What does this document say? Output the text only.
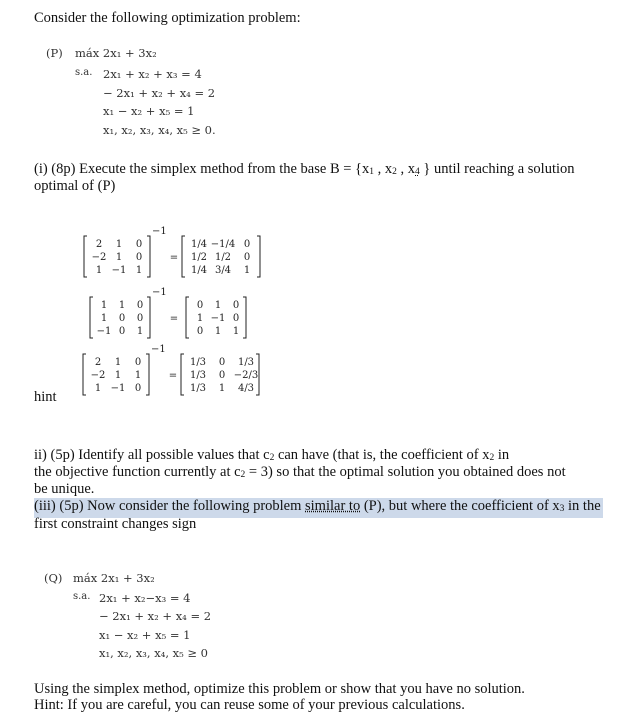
Consider the following optimization problem:
(P) máx 2x₁ + 3x₂
s.a. 2x₁ + x₂ + x₃ = 4
− 2x₁ + x₂ + x₄ = 2
x₁ − x₂ + x₅ = 1
x₁, x₂, x₃, x₄, x₅ ≥ 0.
(i) (8p) Execute the simplex method from the base B = {x1 , x2 , x4 } until reaching a solution
optimal of (P)
2 1 0
−2 1 0
1 −1 1
−1
=
1/4 −1/4 0
1/2 1/2 0
1/4 3/4 1
1 1 0
1 0 0
−1 0 1
−1
=
0 1 0
1 −1 0
0 1 1
2 1 0
−2 1 1
1 −1 0
−1
=
1/3 0 1/3
1/3 0 −2/3
1/3 1 4/3
hint
ii) (5p) Identify all possible values that c2 can have (that is, the coefficient of x2 in
the objective function currently at c2 = 3) so that the optimal solution you obtained does not
be unique.
(iii) (5p) Now consider the following problem similar to (P), but where the coefficient of x3 in the
first constraint changes sign
(Q) máx 2x₁ + 3x₂
s.a. 2x₁ + x₂−x₃ = 4
− 2x₁ + x₂ + x₄ = 2
x₁ − x₂ + x₅ = 1
x₁, x₂, x₃, x₄, x₅ ≥ 0
Using the simplex method, optimize this problem or show that you have no solution.
Hint: If you are careful, you can reuse some of your previous calculations.
